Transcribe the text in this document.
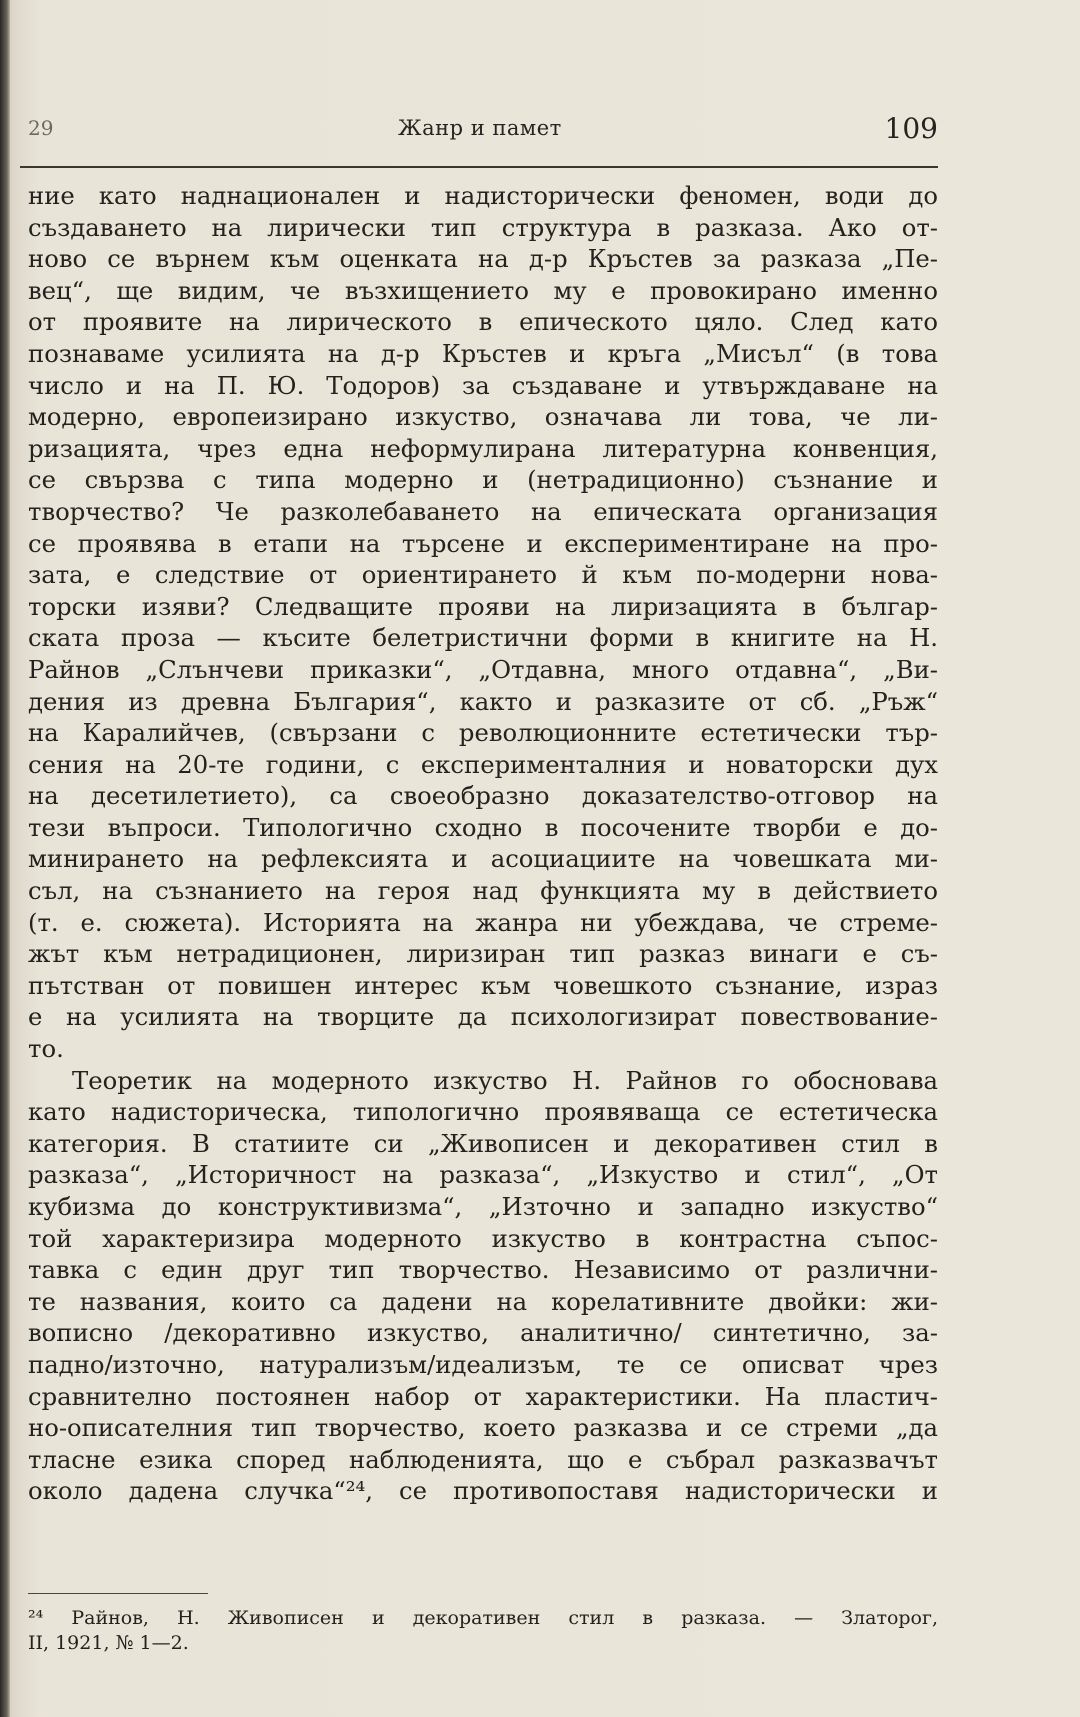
29	Жанр и памет	109
ние като наднационален и надисторически феномен, води до
създаването на лирически тип структура в разказа. Ако от-
ново се върнем към оценката на д-р Кръстев за разказа „Пе-
вец“, ще видим, че възхищението му е провокирано именно
от проявите на лирическото в епическото цяло. След като
познаваме усилията на д-р Кръстев и кръга „Мисъл“ (в това
число и на П. Ю. Тодоров) за създаване и утвърждаване на
модерно, европеизирано изкуство, означава ли това, че ли-
ризацията, чрез една неформулирана литературна конвенция,
се свързва с типа модерно и (нетрадиционно) съзнание и
творчество? Че разколебаването на епическата организация
се проявява в етапи на търсене и експериментиране на про-
зата, е следствие от ориентирането й към по-модерни нова-
торски изяви? Следващите прояви на лиризацията в българ-
ската проза — късите белетристични форми в книгите на Н.
Райнов „Слънчеви приказки“, „Отдавна, много отдавна“, „Ви-
дения из древна България“, както и разказите от сб. „Ръж“
на Каралийчев, (свързани с революционните естетически тър-
сения на 20-те години, с експерименталния и новаторски дух
на десетилетието), са своеобразно доказателство-отговор на
тези въпроси. Типологично сходно в посочените творби е до-
минирането на рефлексията и асоциациите на човешката ми-
съл, на съзнанието на героя над функцията му в действието
(т. е. сюжета). Историята на жанра ни убеждава, че стреме-
жът към нетрадиционен, лиризиран тип разказ винаги е съ-
пътстван от повишен интерес към човешкото съзнание, израз
е на усилията на творците да психологизират повествование-
то.
Теоретик на модерното изкуство Н. Райнов го обосновава
като надисторическа, типологично проявяваща се естетическа
категория. В статиите си „Живописен и декоративен стил в
разказа“, „Историчност на разказа“, „Изкуство и стил“, „От
кубизма до конструктивизма“, „Източно и западно изкуство“
той характеризира модерното изкуство в контрастна съпос-
тавка с един друг тип творчество. Независимо от различни-
те названия, които са дадени на корелативните двойки: жи-
вописно /декоративно изкуство, аналитично/ синтетично, за-
падно/източно, натурализъм/идеализъм, те се описват чрез
сравнително постоянен набор от характеристики. На пластич-
но-описателния тип творчество, което разказва и се стреми „да
тласне езика според наблюденията, що е събрал разказвачът
около дадена случка“²⁴, се противопоставя надисторически и
²⁴ Райнов, Н. Живописен и декоративен стил в разказа. — Златорог,
II, 1921, № 1—2.
